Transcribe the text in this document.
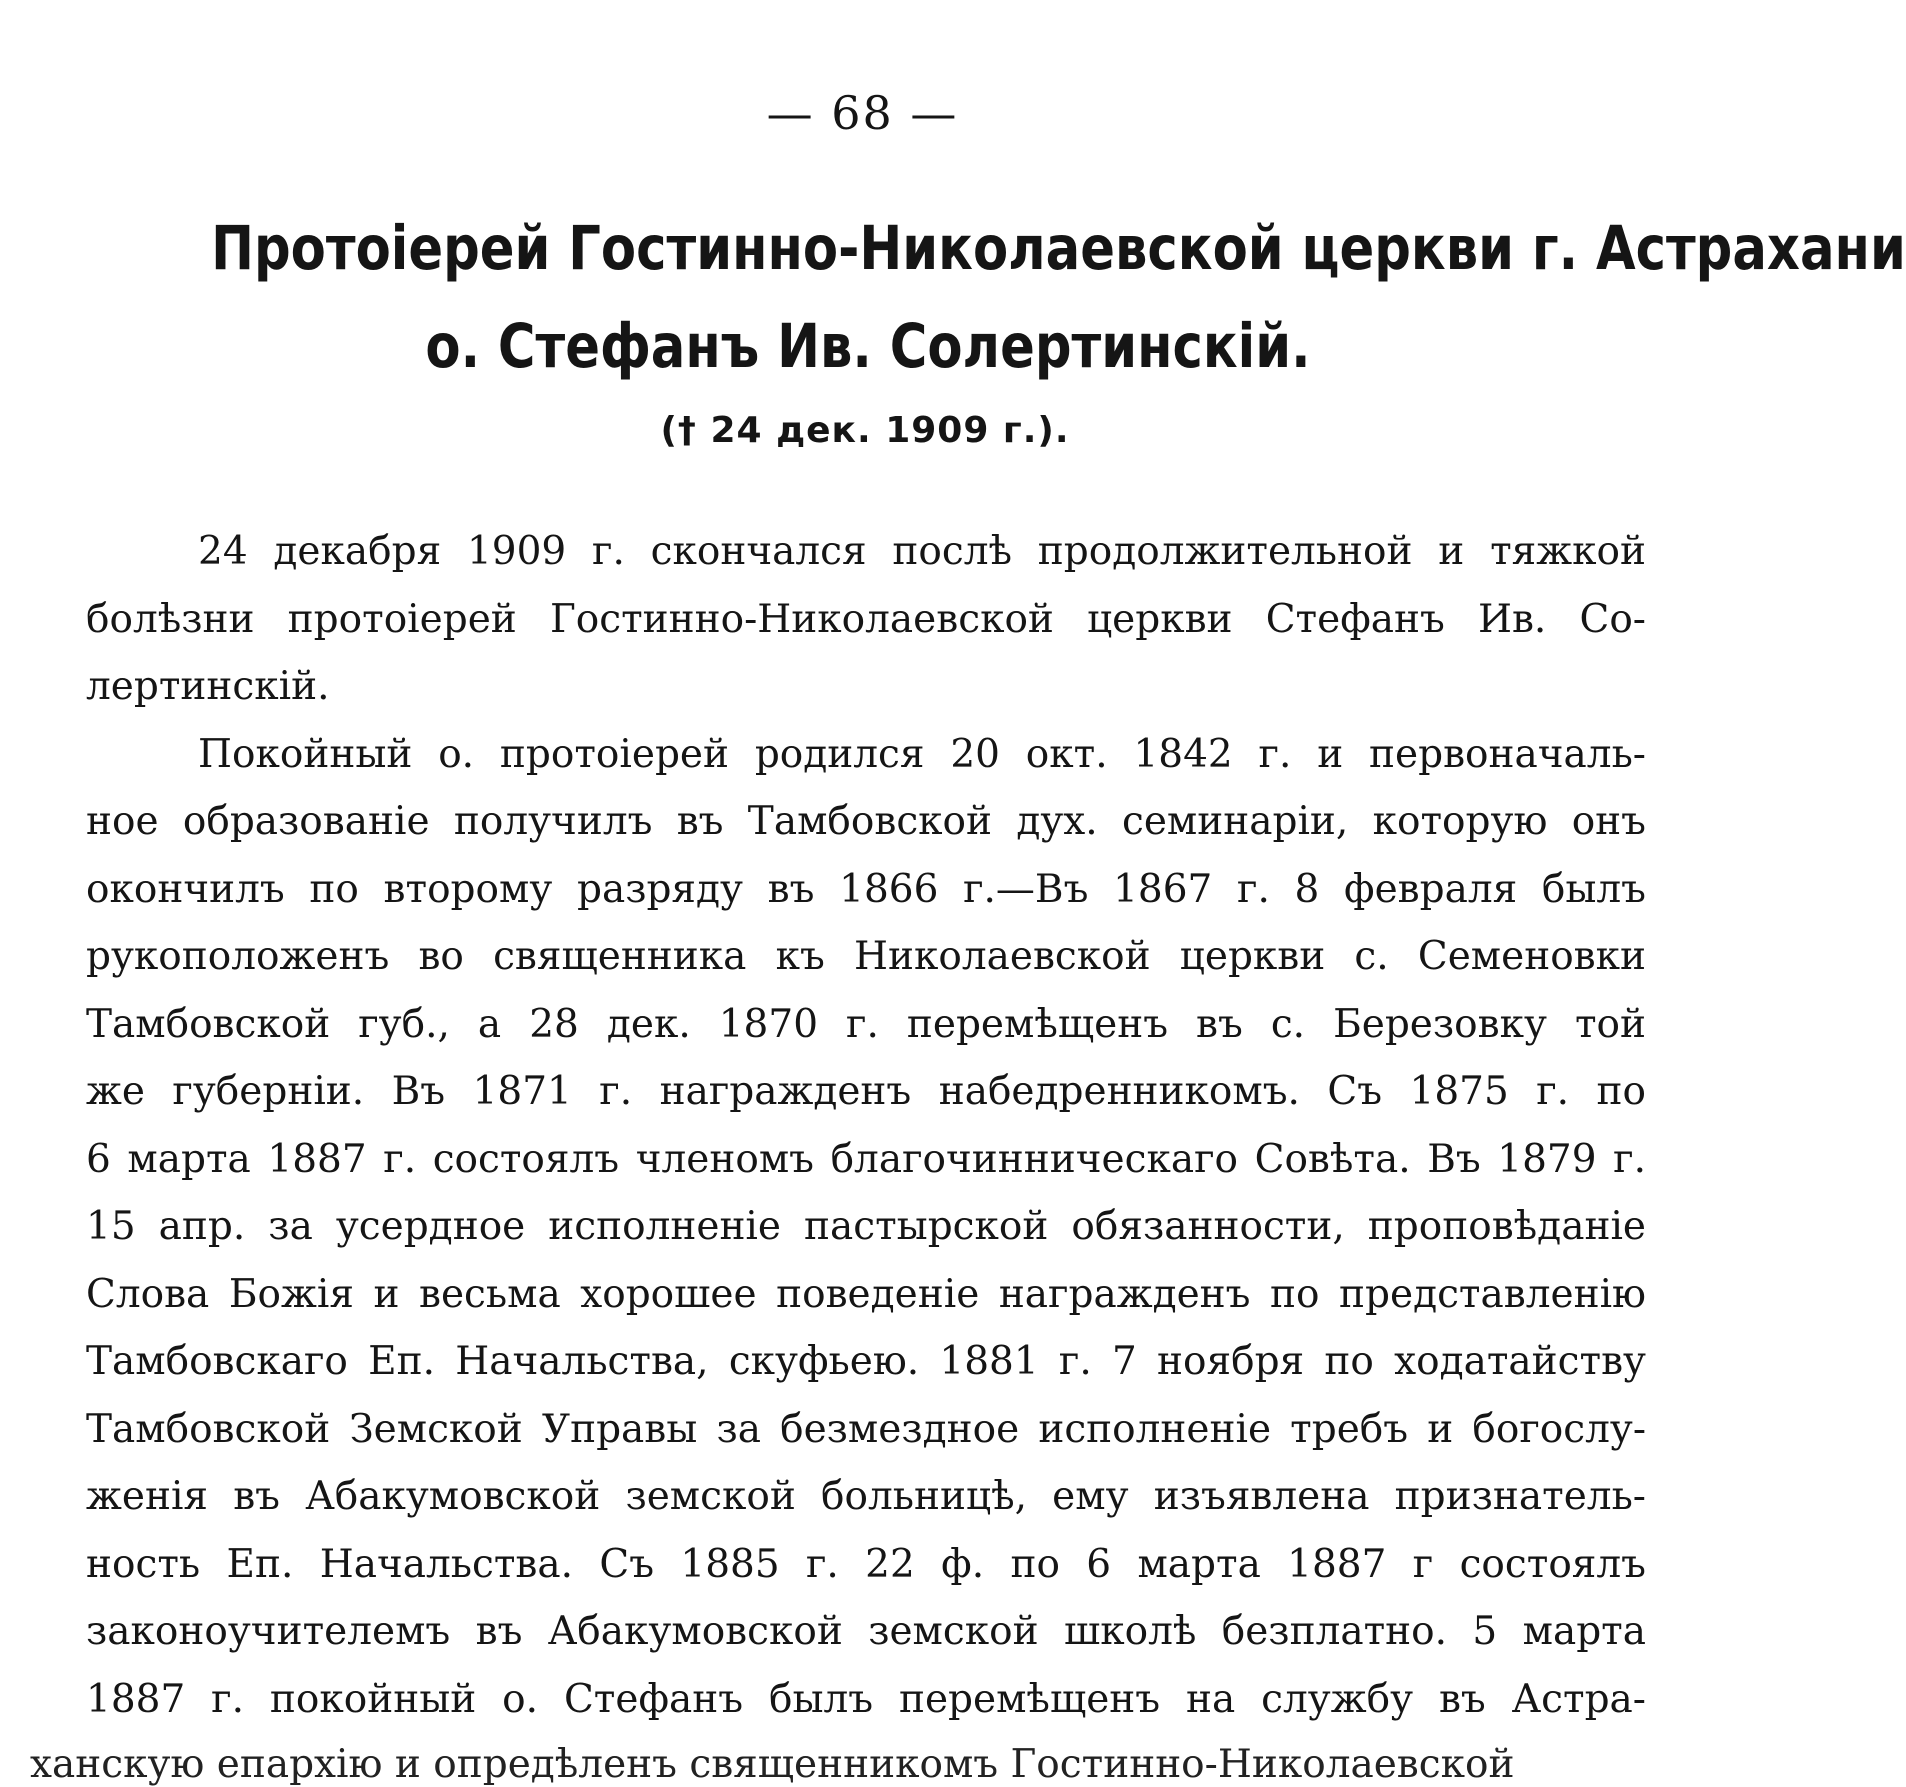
— 68 —
Протоіерей Гостинно-Николаевской церкви г. Астрахани
о. Стефанъ Ив. Солертинскій.
(† 24 дек. 1909 г.).
24 декабря 1909 г. скончался послѣ продолжительной и тяжкой
болѣзни протоіерей Гостинно-Николаевской церкви Стефанъ Ив. Со-
лертинскій.
Покойный о. протоіерей родился 20 окт. 1842 г. и первоначаль-
ное образованіе получилъ въ Тамбовской дух. семинаріи, которую онъ
окончилъ по второму разряду въ 1866 г.—Въ 1867 г. 8 февраля былъ
рукоположенъ во священника къ Николаевской церкви с. Семеновки
Тамбовской губ., а 28 дек. 1870 г. перемѣщенъ въ с. Березовку той
же губерніи. Въ 1871 г. награжденъ набедренникомъ. Съ 1875 г. по
6 марта 1887 г. состоялъ членомъ благочинническаго Совѣта. Въ 1879 г.
15 апр. за усердное исполненіе пастырской обязанности, проповѣданіе
Слова Божія и весьма хорошее поведеніе награжденъ по представленію
Тамбовскаго Еп. Начальства, скуфьею. 1881 г. 7 ноября по ходатайству
Тамбовской Земской Управы за безмездное исполненіе требъ и богослу-
женія въ Абакумовской земской больницѣ, ему изъявлена признатель-
ность Еп. Начальства. Съ 1885 г. 22 ф. по 6 марта 1887 г состоялъ
законоучителемъ въ Абакумовской земской школѣ безплатно. 5 марта
1887 г. покойный о. Стефанъ былъ перемѣщенъ на службу въ Астра-
ханскую епархію и опредѣленъ священникомъ Гостинно-Николаевской
